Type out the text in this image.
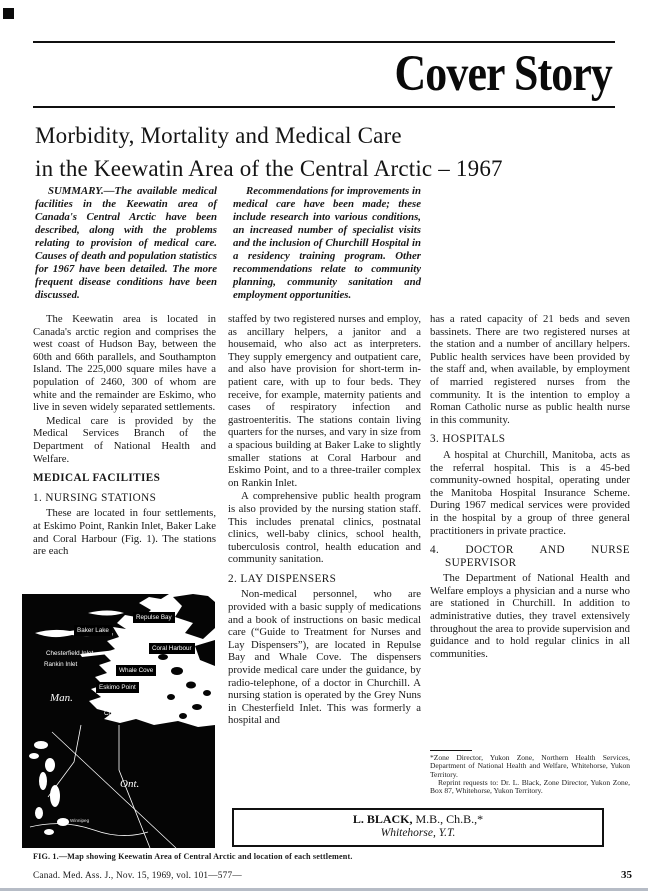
Cover Story
Morbidity, Mortality and Medical Care
in the Keewatin Area of the Central Arctic – 1967

SUMMARY.—The available medical facilities in the Keewatin area of Canada's Central Arctic have been described, along with the problems relating to provision of medical care. Causes of death and population statistics for 1967 have been detailed. The more frequent disease conditions have been discussed.

Recommendations for improvements in medical care have been made; these include research into various conditions, an increased number of specialist visits and the inclusion of Churchill Hospital in a residency training program. Other recommendations relate to community planning, community sanitation and employment opportunities.

The Keewatin area is located in Canada's arctic region and comprises the west coast of Hudson Bay, between the 60th and 66th parallels, and Southampton Island. The 225,000 square miles have a population of 2460, 300 of whom are white and the remainder are Eskimo, who live in seven widely separated settlements.

Medical care is provided by the Medical Services Branch of the Department of National Health and Welfare.

MEDICAL FACILITIES
1. NURSING STATIONS

These are located in four settlements, at Eskimo Point, Rankin Inlet, Baker Lake and Coral Harbour (Fig. 1). The stations are each

Repulse Bay
Baker Lake
Coral Harbour
Chesterfield Inlet
Rankin Inlet
Whale Cove
Eskimo Point
Man.
Churchill
Ont.
Winnipeg

staffed by two registered nurses and employ, as ancillary helpers, a janitor and a housemaid, who also act as interpreters. They supply emergency and outpatient care, and also have provision for short-term in-patient care, with up to four beds. They receive, for example, maternity patients and cases of respiratory infection and gastroenteritis. The stations contain living quarters for the nurses, and vary in size from a spacious building at Baker Lake to slightly smaller stations at Coral Harbour and Eskimo Point, and to a three-trailer complex on Rankin Inlet.

A comprehensive public health program is also provided by the nursing station staff. This includes prenatal clinics, postnatal clinics, well-baby clinics, school health, tuberculosis control, health education and community sanitation.

2. LAY DISPENSERS

Non-medical personnel, who are provided with a basic supply of medications and a book of instructions on basic medical care (“Guide to Treatment for Nurses and Lay Dispensers”), are located in Repulse Bay and Whale Cove. The dispensers provide medical care under the guidance, by radio-telephone, of a doctor in Churchill. A nursing station is operated by the Grey Nuns in Chesterfield Inlet. This was formerly a hospital and

has a rated capacity of 21 beds and seven bassinets. There are two registered nurses at the station and a number of ancillary helpers. Public health services have been provided by the staff and, when available, by employment of married registered nurses from the community. It is the intention to employ a Roman Catholic nurse as public health nurse in this community.

3. HOSPITALS

A hospital at Churchill, Manitoba, acts as the referral hospital. This is a 45-bed community-owned hospital, operating under the Manitoba Hospital Insurance Scheme. During 1967 medical services were provided in the hospital by a group of three general practitioners in private practice.

4. DOCTOR AND NURSE SUPERVISOR

The Department of National Health and Welfare employs a physician and a nurse who are stationed in Churchill. In addition to administrative duties, they travel extensively throughout the area to provide supervision and guidance and to hold regular clinics in all communities.

*Zone Director, Yukon Zone, Northern Health Services, Department of National Health and Welfare, Whitehorse, Yukon Territory.
Reprint requests to: Dr. L. Black, Zone Director, Yukon Zone, Box 87, Whitehorse, Yukon Territory.
L. BLACK, M.B., Ch.B.,*
Whitehorse, Y.T.
FIG. 1.—Map showing Keewatin Area of Central Arctic and location of each settlement.
Canad. Med. Ass. J., Nov. 15, 1969, vol. 101—577—	35
